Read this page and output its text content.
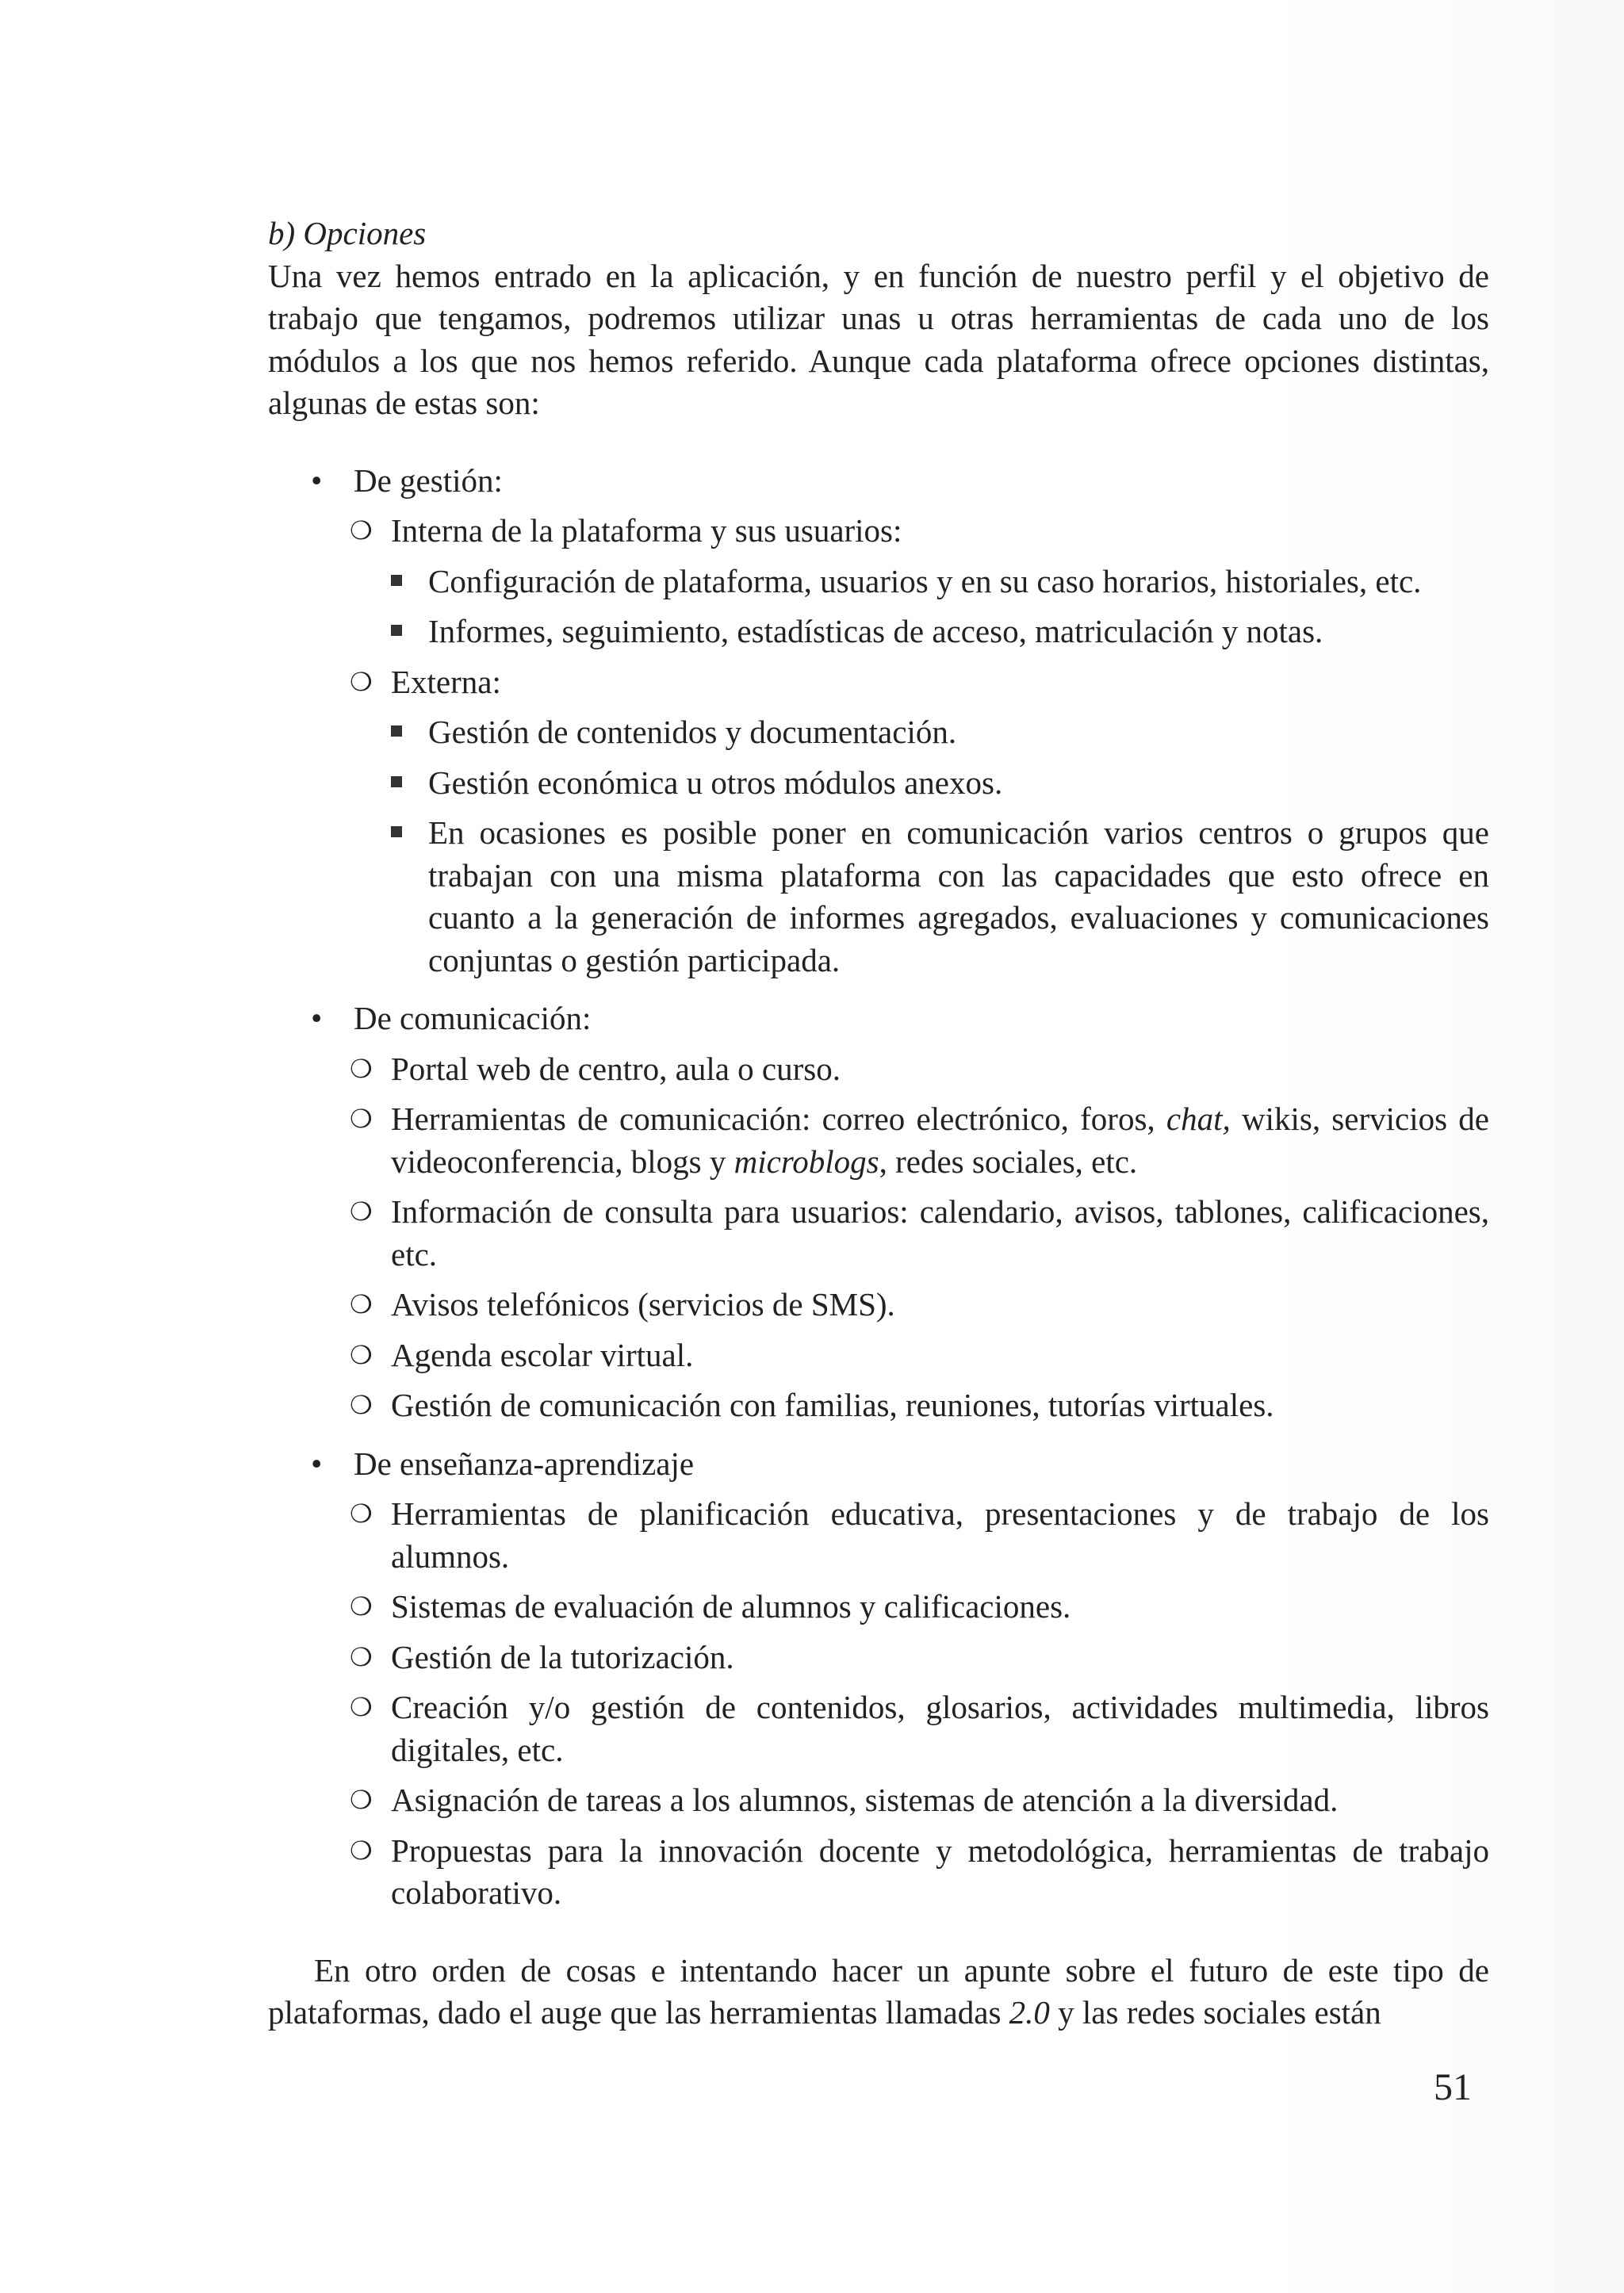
b) Opciones

Una vez hemos entrado en la aplicación, y en función de nuestro perfil y el objetivo de trabajo que tengamos, podremos utilizar unas u otras herramientas de cada uno de los módulos a los que nos hemos referido. Aunque cada plataforma ofrece opciones distintas, algunas de estas son:

• De gestión:

❍ Interna de la plataforma y sus usuarios:

Configuración de plataforma, usuarios y en su caso horarios, historiales, etc.

Informes, seguimiento, estadísticas de acceso, matriculación y notas.

❍ Externa:

Gestión de contenidos y documentación.

Gestión económica u otros módulos anexos.

En ocasiones es posible poner en comunicación varios centros o grupos que trabajan con una misma plataforma con las capacidades que esto ofrece en cuanto a la generación de informes agregados, evaluaciones y comunicaciones conjuntas o gestión participada.

• De comunicación:

❍ Portal web de centro, aula o curso.

❍ Herramientas de comunicación: correo electrónico, foros, chat, wikis, servicios de videoconferencia, blogs y microblogs, redes sociales, etc.

❍ Información de consulta para usuarios: calendario, avisos, tablones, calificaciones, etc.

❍ Avisos telefónicos (servicios de SMS).

❍ Agenda escolar virtual.

❍ Gestión de comunicación con familias, reuniones, tutorías virtuales.

• De enseñanza-aprendizaje

❍ Herramientas de planificación educativa, presentaciones y de trabajo de los alumnos.

❍ Sistemas de evaluación de alumnos y calificaciones.

❍ Gestión de la tutorización.

❍ Creación y/o gestión de contenidos, glosarios, actividades multimedia, libros digitales, etc.

❍ Asignación de tareas a los alumnos, sistemas de atención a la diversidad.

❍ Propuestas para la innovación docente y metodológica, herramientas de trabajo colaborativo.

En otro orden de cosas e intentando hacer un apunte sobre el futuro de este tipo de plataformas, dado el auge que las herramientas llamadas 2.0 y las redes sociales están

51
